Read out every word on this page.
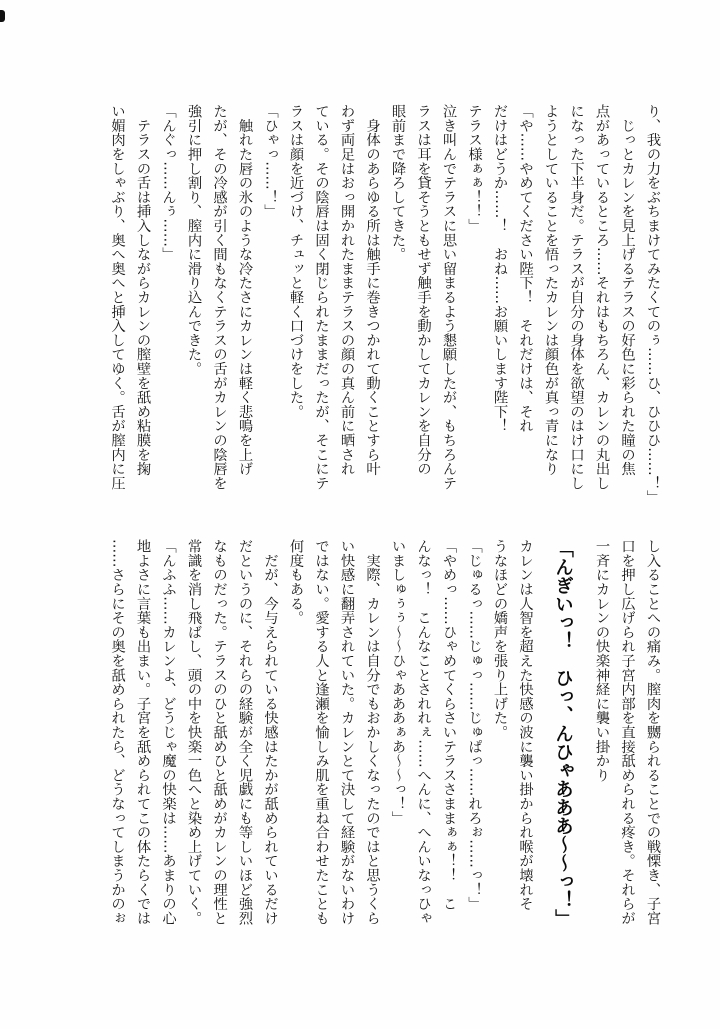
り、我の力をぶちまけてみたくてのぅ……ひ、ひひひ……！」
　じっとカレンを見上げるテラスの好色に彩られた瞳の焦
点があっているところ……それはもちろん、カレンの丸出し
になった下半身だ。テラスが自分の身体を欲望のはけ口にし
ようとしていることを悟ったカレンは顔色が真っ青になり
「や……やめてください陛下！　それだけは、それ
だけはどうか……！　おね……お願いします陛下！
テラス様ぁぁ！！」
泣き叫んでテラスに思い留まるよう懇願したが、もちろんテ
ラスは耳を貸そうともせず触手を動かしてカレンを自分の
眼前まで降ろしてきた。
　身体のあらゆる所は触手に巻きつかれて動くことすら叶
わず両足はおっ開かれたままテラスの顔の真ん前に晒され
ている。その陰唇は固く閉じられたままだったが、そこにテ
ラスは顔を近づけ、チュッと軽く口づけをした。
「ひゃっ……！」
　触れた唇の氷のような冷たさにカレンは軽く悲鳴を上げ
たが、その冷感が引く間もなくテラスの舌がカレンの陰唇を
強引に押し割り、膣内に滑り込んできた。
「んぐっ……んぅ……」
　テラスの舌は挿入しながらカレンの膣壁を舐め粘膜を掬
い媚肉をしゃぶり、奥へ奥へと挿入してゆく。舌が膣内に圧
し入ることへの痛み。膣肉を嬲られることでの戦慄き、子宮
口を押し広げられ子宮内部を直接舐められる疼き。それらが
一斉にカレンの快楽神経に襲い掛かり
「んぎいっ！　ひっ、んひゃあああ～～っ！」
カレンは人智を超えた快感の波に襲い掛かられ喉が壊れそ
うなほどの嬌声を張り上げた。
「じゅるっ……じゅっ……じゅぱっ……れろぉ……っ！」
「やめっ……ひゃめてくらさいテラスさままぁぁ！！　こ
んなっ！　こんなことされれぇ……へんに、へんいなっひゃ
いましゅぅぅ～～ひゃあああぁあ～～っ！」
　実際、カレンは自分でもおかしくなったのではと思うくら
い快感に翻弄されていた。カレンとて決して経験がないわけ
ではない。愛する人と逢瀬を愉しみ肌を重ね合わせたことも
何度もある。
　だが、今与えられている快感はたかが舐められているだけ
だというのに、それらの経験が全く児戯にも等しいほど強烈
なものだった。テラスのひと舐めひと舐めがカレンの理性と
常識を消し飛ばし、頭の中を快楽一色へと染め上げていく。
「んふふ……カレンよ、どうじゃ魔の快楽は……あまりの心
地よさに言葉も出まい。子宮を舐められてこの体たらくでは
……さらにその奥を舐められたら、どうなってしまうかのぉ
